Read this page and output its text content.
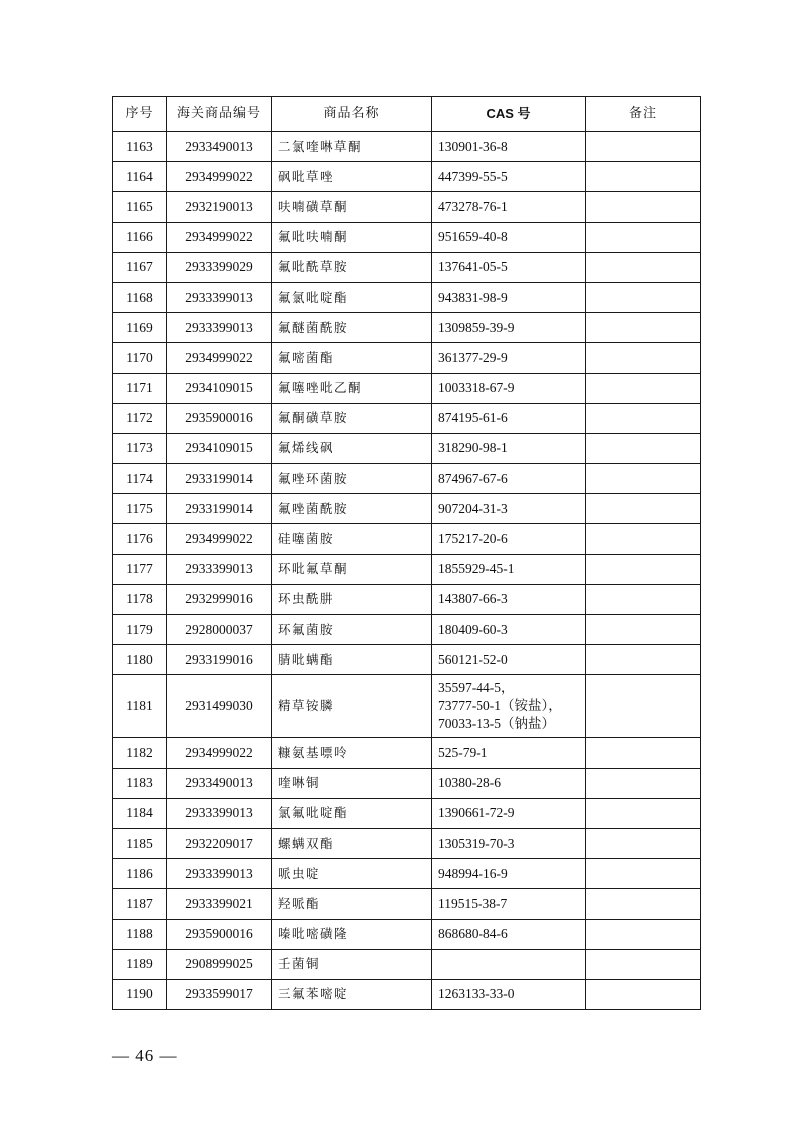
序号	海关商品编号	商品名称	CAS 号	备注
1163	2933490013	二氯喹啉草酮	130901-36-8	

1164	2934999022	砜吡草唑	447399-55-5	

1165	2932190013	呋喃磺草酮	473278-76-1	

1166	2934999022	氟吡呋喃酮	951659-40-8	

1167	2933399029	氟吡酰草胺	137641-05-5	

1168	2933399013	氟氯吡啶酯	943831-98-9	

1169	2933399013	氟醚菌酰胺	1309859-39-9	

1170	2934999022	氟嘧菌酯	361377-29-9	

1171	2934109015	氟噻唑吡乙酮	1003318-67-9	

1172	2935900016	氟酮磺草胺	874195-61-6	

1173	2934109015	氟烯线砜	318290-98-1	

1174	2933199014	氟唑环菌胺	874967-67-6	

1175	2933199014	氟唑菌酰胺	907204-31-3	

1176	2934999022	硅噻菌胺	175217-20-6	

1177	2933399013	环吡氟草酮	1855929-45-1	

1178	2932999016	环虫酰肼	143807-66-3	

1179	2928000037	环氟菌胺	180409-60-3	

1180	2933199016	腈吡螨酯	560121-52-0	

1181	2931499030	精草铵膦	35597-44-5，
73777-50-1（铵盐），
70033-13-5（钠盐）	

1182	2934999022	糠氨基嘌呤	525-79-1	

1183	2933490013	喹啉铜	10380-28-6	

1184	2933399013	氯氟吡啶酯	1390661-72-9	

1185	2932209017	螺螨双酯	1305319-70-3	

1186	2933399013	哌虫啶	948994-16-9	

1187	2933399021	羟哌酯	119515-38-7	

1188	2935900016	嗪吡嘧磺隆	868680-84-6	

1189	2908999025	壬菌铜	

1190	2933599017	三氟苯嘧啶	1263133-33-0	

— 46 —
